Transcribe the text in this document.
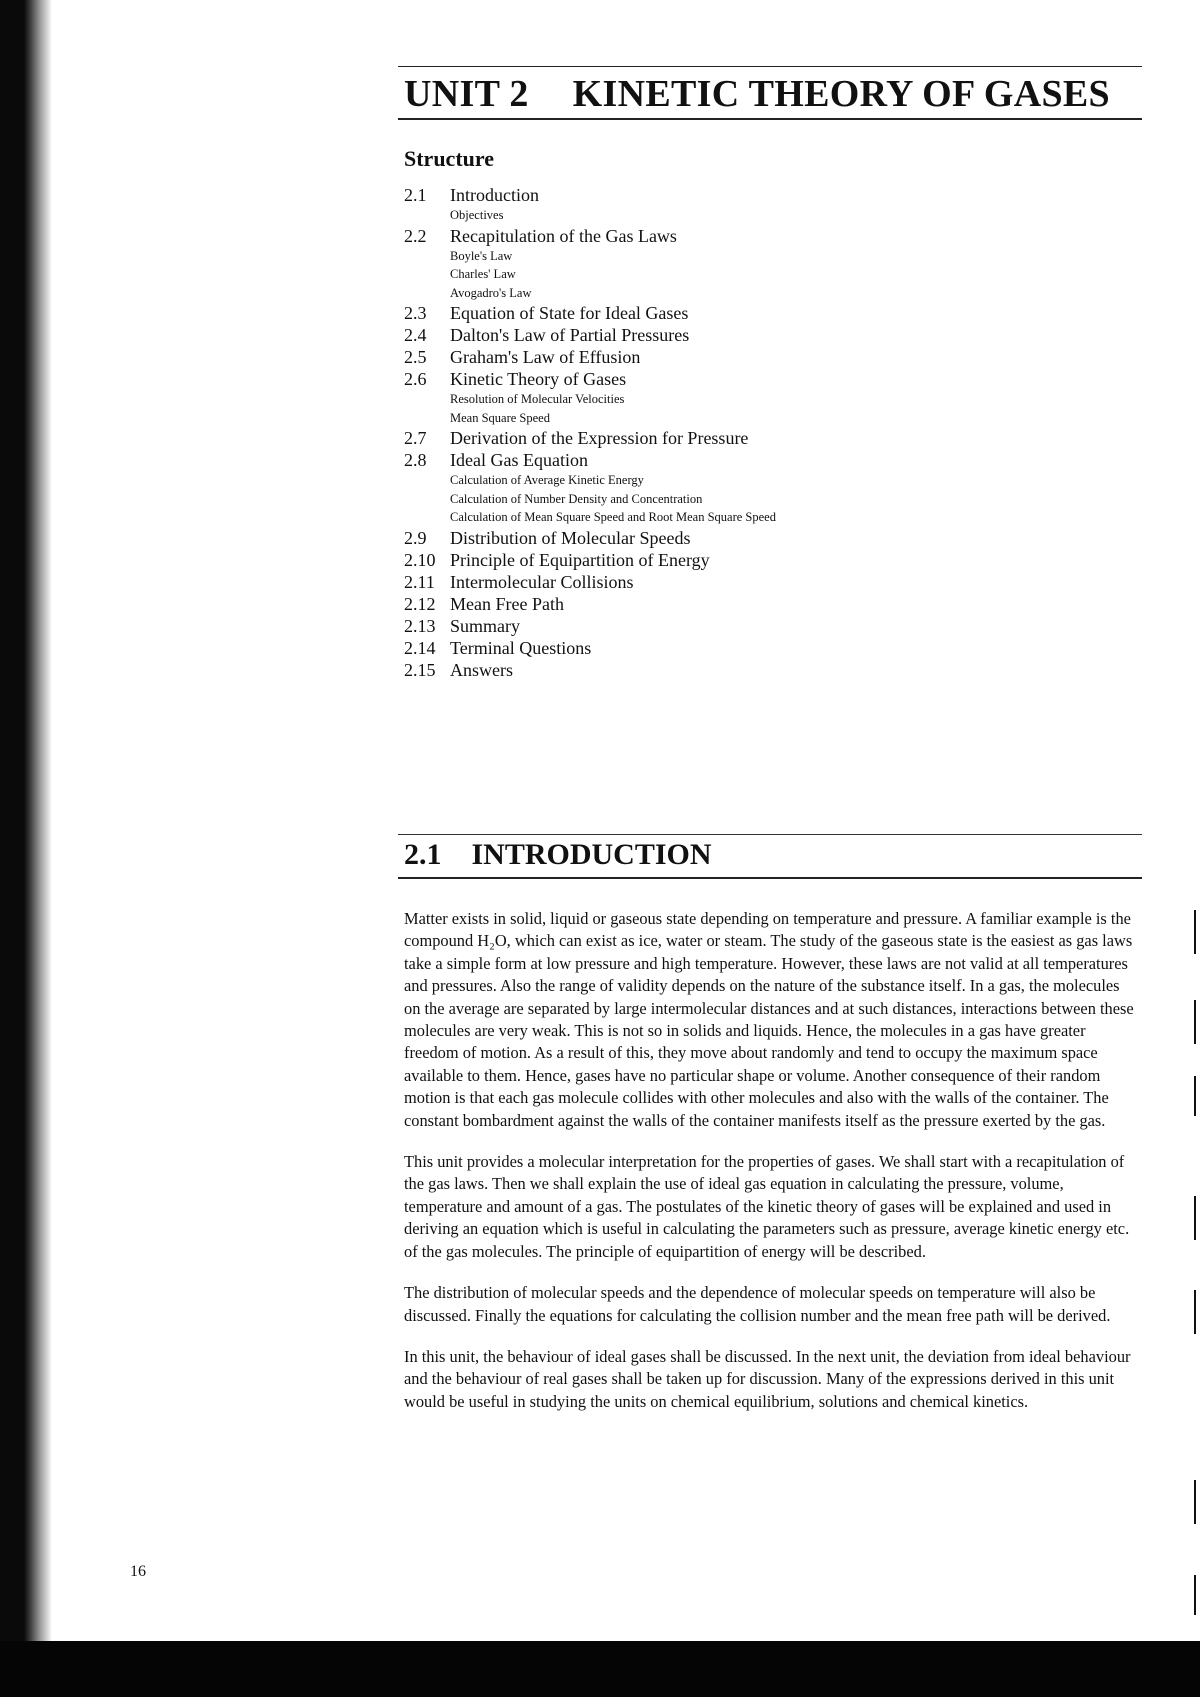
UNIT 2 KINETIC THEORY OF GASES
Structure
2.1	Introduction
Objectives
2.2	Recapitulation of the Gas Laws
Boyle's Law
Charles' Law
Avogadro's Law
2.3	Equation of State for Ideal Gases
2.4	Dalton's Law of Partial Pressures
2.5	Graham's Law of Effusion
2.6	Kinetic Theory of Gases
Resolution of Molecular Velocities
Mean Square Speed
2.7	Derivation of the Expression for Pressure
2.8	Ideal Gas Equation
Calculation of Average Kinetic Energy
Calculation of Number Density and Concentration
Calculation of Mean Square Speed and Root Mean Square Speed
2.9	Distribution of Molecular Speeds
2.10 Principle of Equipartition of Energy
2.11 Intermolecular Collisions
2.12 Mean Free Path
2.13 Summary
2.14 Terminal Questions
2.15 Answers
2.1 INTRODUCTION

Matter exists in solid, liquid or gaseous state depending on temperature and pressure. A familiar example is the compound H₂O, which can exist as ice, water or steam. The study of the gaseous state is the easiest as gas laws take a simple form at low pressure and high temperature. However, these laws are not valid at all temperatures and pressures. Also the range of validity depends on the nature of the substance itself. In a gas, the molecules on the average are separated by large intermolecular distances and at such distances, interactions between these molecules are very weak. This is not so in solids and liquids. Hence, the molecules in a gas have greater freedom of motion. As a result of this, they move about randomly and tend to occupy the maximum space available to them. Hence, gases have no particular shape or volume. Another consequence of their random motion is that each gas molecule collides with other molecules and also with the walls of the container. The constant bombardment against the walls of the container manifests itself as the pressure exerted by the gas.

This unit provides a molecular interpretation for the properties of gases. We shall start with a recapitulation of the gas laws. Then we shall explain the use of ideal gas equation in calculating the pressure, volume, temperature and amount of a gas. The postulates of the kinetic theory of gases will be explained and used in deriving an equation which is useful in calculating the parameters such as pressure, average kinetic energy etc. of the gas molecules. The principle of equipartition of energy will be described.

The distribution of molecular speeds and the dependence of molecular speeds on temperature will also be discussed. Finally the equations for calculating the collision number and the mean free path will be derived.

In this unit, the behaviour of ideal gases shall be discussed. In the next unit, the deviation from ideal behaviour and the behaviour of real gases shall be taken up for discussion. Many of the expressions derived in this unit would be useful in studying the units on chemical equilibrium, solutions and chemical kinetics.

16
